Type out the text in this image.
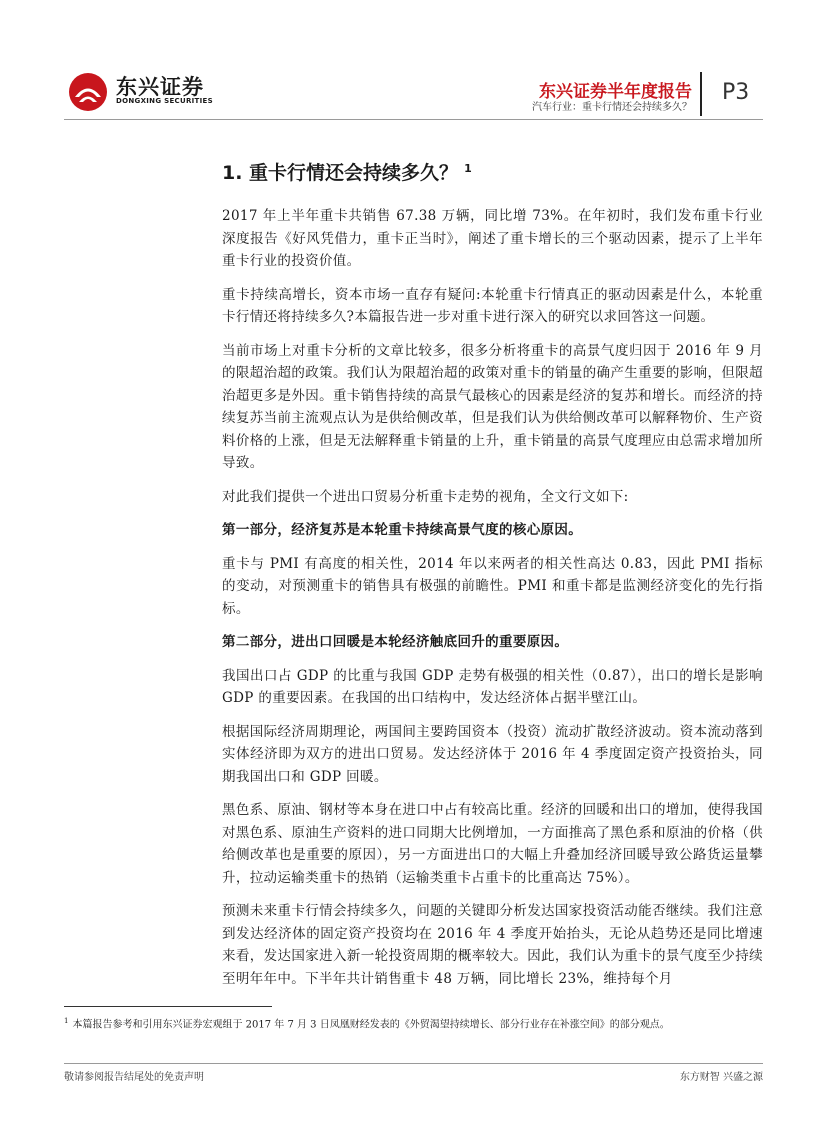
东兴证券
DONGXING SECURITIES	东兴证券半年度报告
汽车行业：重卡行情还会持续多久？
P3
1. 重卡行情还会持续多久？ $^1$

2017 年上半年重卡共销售 67.38 万辆，同比增 73%。在年初时，我们发布重卡行业深度报告《好风凭借力，重卡正当时》，阐述了重卡增长的三个驱动因素，提示了上半年重卡行业的投资价值。

重卡持续高增长，资本市场一直存有疑问:本轮重卡行情真正的驱动因素是什么，本轮重卡行情还将持续多久?本篇报告进一步对重卡进行深入的研究以求回答这一问题。

当前市场上对重卡分析的文章比较多，很多分析将重卡的高景气度归因于 2016 年 9 月的限超治超的政策。我们认为限超治超的政策对重卡的销量的确产生重要的影响，但限超治超更多是外因。重卡销售持续的高景气最核心的因素是经济的复苏和增长。而经济的持续复苏当前主流观点认为是供给侧改革，但是我们认为供给侧改革可以解释物价、生产资料价格的上涨，但是无法解释重卡销量的上升，重卡销量的高景气度理应由总需求增加所导致。

对此我们提供一个进出口贸易分析重卡走势的视角，全文行文如下:

第一部分，经济复苏是本轮重卡持续高景气度的核心原因。

重卡与 PMI 有高度的相关性，2014 年以来两者的相关性高达 0.83，因此 PMI 指标的变动，对预测重卡的销售具有极强的前瞻性。PMI 和重卡都是监测经济变化的先行指标。

第二部分，进出口回暖是本轮经济触底回升的重要原因。

我国出口占 GDP 的比重与我国 GDP 走势有极强的相关性（0.87），出口的增长是影响 GDP 的重要因素。在我国的出口结构中，发达经济体占据半壁江山。

根据国际经济周期理论，两国间主要跨国资本（投资）流动扩散经济波动。资本流动落到实体经济即为双方的进出口贸易。发达经济体于 2016 年 4 季度固定资产投资抬头，同期我国出口和 GDP 回暖。

黑色系、原油、钢材等本身在进口中占有较高比重。经济的回暖和出口的增加，使得我国对黑色系、原油生产资料的进口同期大比例增加，一方面推高了黑色系和原油的价格（供给侧改革也是重要的原因），另一方面进出口的大幅上升叠加经济回暖导致公路货运量攀升，拉动运输类重卡的热销（运输类重卡占重卡的比重高达 75%）。

预测未来重卡行情会持续多久，问题的关键即分析发达国家投资活动能否继续。我们注意到发达经济体的固定资产投资均在 2016 年 4 季度开始抬头，无论从趋势还是同比增速来看，发达国家进入新一轮投资周期的概率较大。因此，我们认为重卡的景气度至少持续至明年年中。下半年共计销售重卡 48 万辆，同比增长 23%，维持每个月

$^1$ 本篇报告参考和引用东兴证券宏观组于 2017 年 7 月 3 日凤凰财经发表的《外贸渴望持续增长、部分行业存在补涨空间》的部分观点。
敬请参阅报告结尾处的免责声明	东方财智 兴盛之源
